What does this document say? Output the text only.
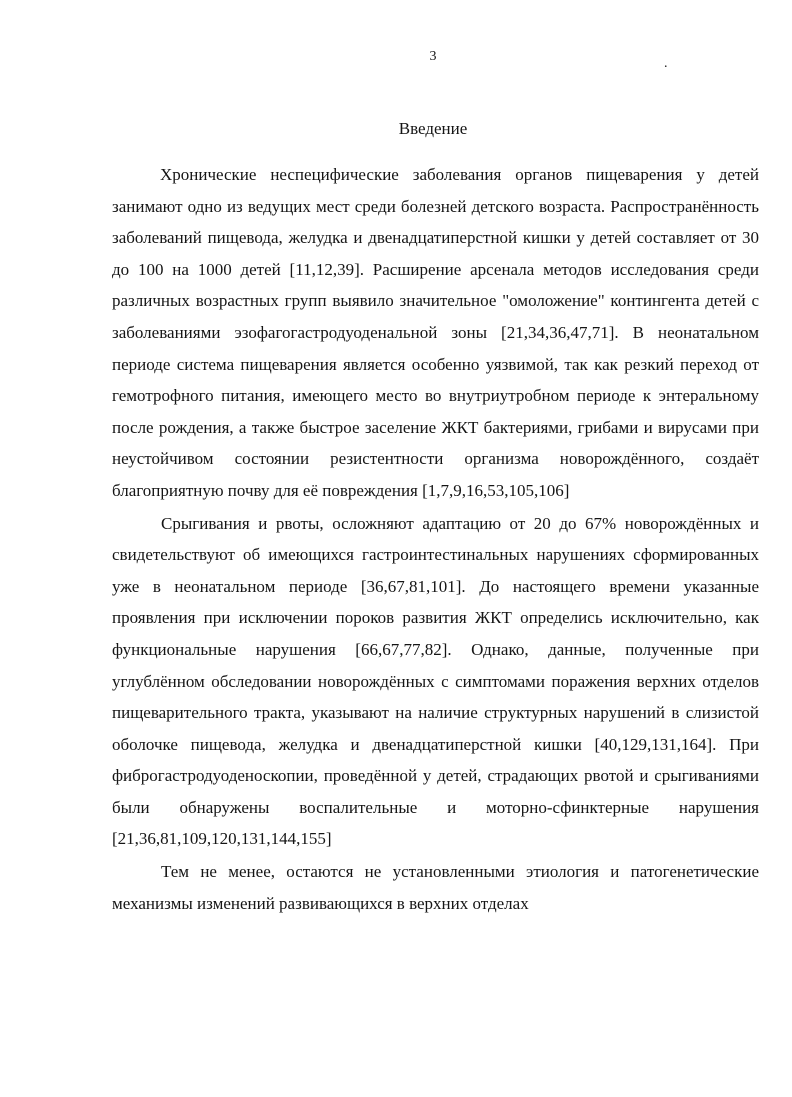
3	.
Введение

Хронические неспецифические заболевания органов пищеварения у детей занимают одно из ведущих мест среди болезней детского возраста. Распространённость заболеваний пищевода, желудка и двенадцатиперстной кишки у детей составляет от 30 до 100 на 1000 детей [11,12,39]. Расширение арсенала методов исследования среди различных возрастных групп выявило значительное "омоложение" контингента детей с заболеваниями эзофагогастродуоденальной зоны [21,34,36,47,71]. В неонатальном периоде система пищеварения является особенно уязвимой, так как резкий переход от гемотрофного питания, имеющего место во внутриутробном периоде к энтеральному после рождения, а также быстрое заселение ЖКТ бактериями, грибами и вирусами при неустойчивом состоянии резистентности организма новорождённого, создаёт благоприятную почву для её повреждения [1,7,9,16,53,105,106]

Срыгивания и рвоты, осложняют адаптацию от 20 до 67% новорождённых и свидетельствуют об имеющихся гастроинтестинальных нарушениях сформированных уже в неонатальном периоде [36,67,81,101]. До настоящего времени указанные проявления при исключении пороков развития ЖКТ определись исключительно, как функциональные нарушения [66,67,77,82]. Однако, данные, полученные при углублённом обследовании новорождённых с симптомами поражения верхних отделов пищеварительного тракта, указывают на наличие структурных нарушений в слизистой оболочке пищевода, желудка и двенадцатиперстной кишки [40,129,131,164]. При фиброгастродуоденоскопии, проведённой у детей, страдающих рвотой и срыгиваниями были обнаружены воспалительные и моторно-сфинктерные нарушения [21,36,81,109,120,131,144,155]

Тем не менее, остаются не установленными этиология и патогенетические механизмы изменений развивающихся в верхних отделах
